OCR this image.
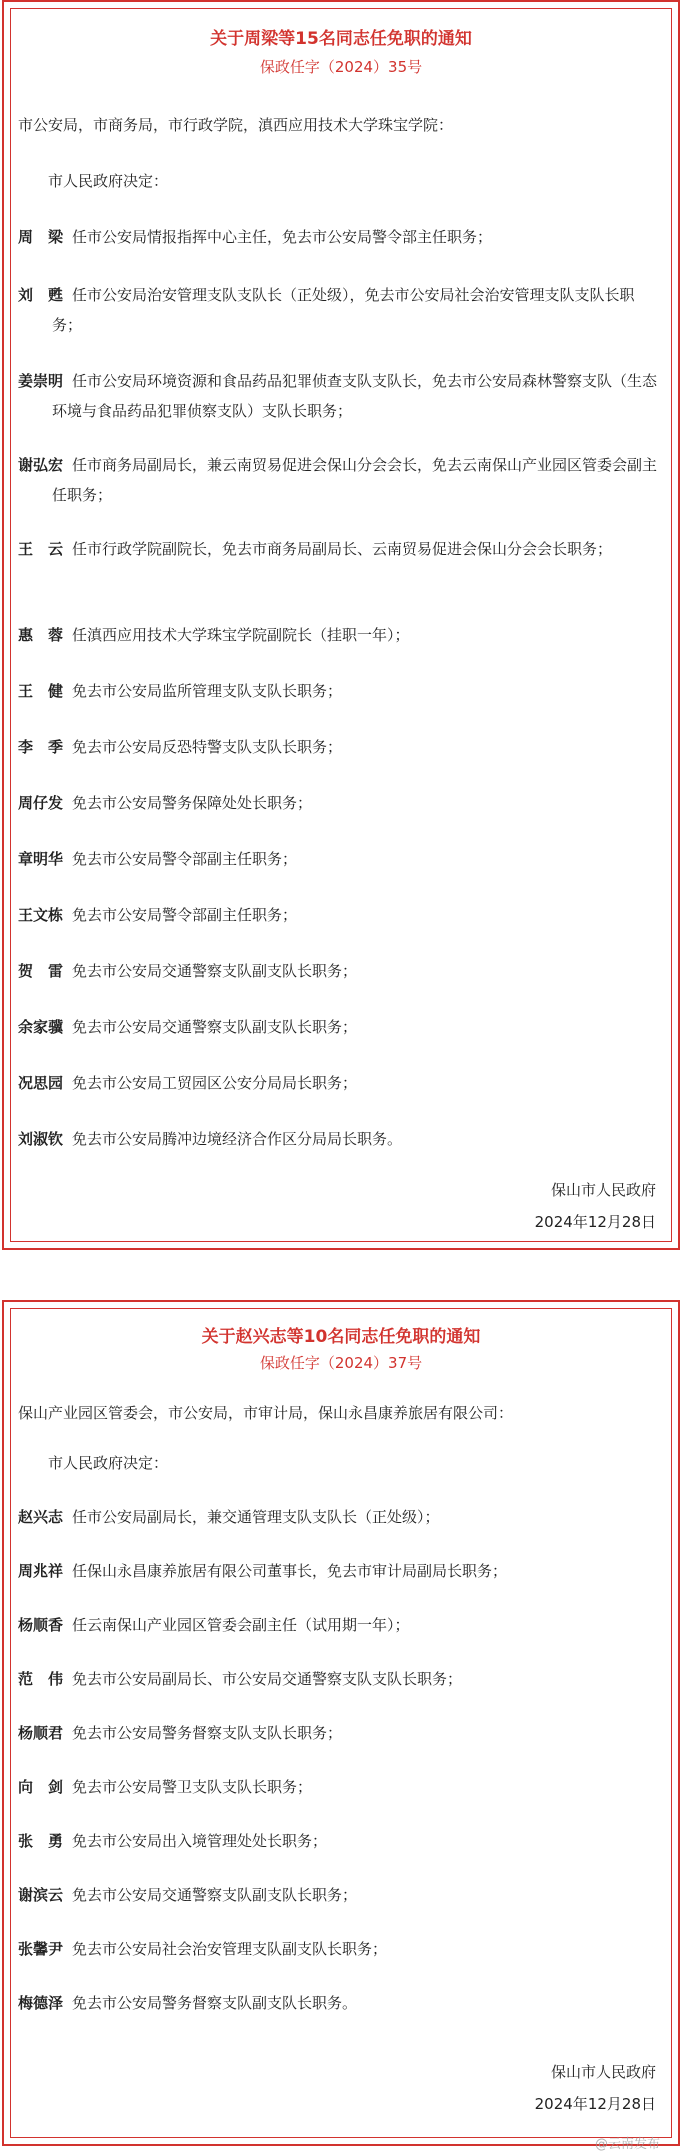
关于周梁等15名同志任免职的通知
保政任字（2024）35号
市公安局，市商务局，市行政学院，滇西应用技术大学珠宝学院：
市人民政府决定：
周　梁 任市公安局情报指挥中心主任，免去市公安局警令部主任职务；
刘　甦 任市公安局治安管理支队支队长（正处级），免去市公安局社会治安管理支队支队长职务；
姜崇明 任市公安局环境资源和食品药品犯罪侦查支队支队长，免去市公安局森林警察支队（生态环境与食品药品犯罪侦察支队）支队长职务；
谢弘宏 任市商务局副局长，兼云南贸易促进会保山分会会长，免去云南保山产业园区管委会副主任职务；
王　云 任市行政学院副院长，免去市商务局副局长、云南贸易促进会保山分会会长职务；
惠　蓉 任滇西应用技术大学珠宝学院副院长（挂职一年）；
王　健 免去市公安局监所管理支队支队长职务；
李　季 免去市公安局反恐特警支队支队长职务；
周仔发 免去市公安局警务保障处处长职务；
章明华 免去市公安局警令部副主任职务；
王文栋 免去市公安局警令部副主任职务；
贺　雷 免去市公安局交通警察支队副支队长职务；
余家骥 免去市公安局交通警察支队副支队长职务；
况思园 免去市公安局工贸园区公安分局局长职务；
刘淑钦 免去市公安局腾冲边境经济合作区分局局长职务。
保山市人民政府
2024年12月28日
关于赵兴志等10名同志任免职的通知
保政任字（2024）37号
保山产业园区管委会，市公安局，市审计局，保山永昌康养旅居有限公司：
市人民政府决定：
赵兴志 任市公安局副局长，兼交通管理支队支队长（正处级）；
周兆祥 任保山永昌康养旅居有限公司董事长，免去市审计局副局长职务；
杨顺香 任云南保山产业园区管委会副主任（试用期一年）；
范　伟 免去市公安局副局长、市公安局交通警察支队支队长职务；
杨顺君 免去市公安局警务督察支队支队长职务；
向　剑 免去市公安局警卫支队支队长职务；
张　勇 免去市公安局出入境管理处处长职务；
谢滨云 免去市公安局交通警察支队副支队长职务；
张馨尹 免去市公安局社会治安管理支队副支队长职务；
梅德泽 免去市公安局警务督察支队副支队长职务。
保山市人民政府
2024年12月28日
@云南发布
